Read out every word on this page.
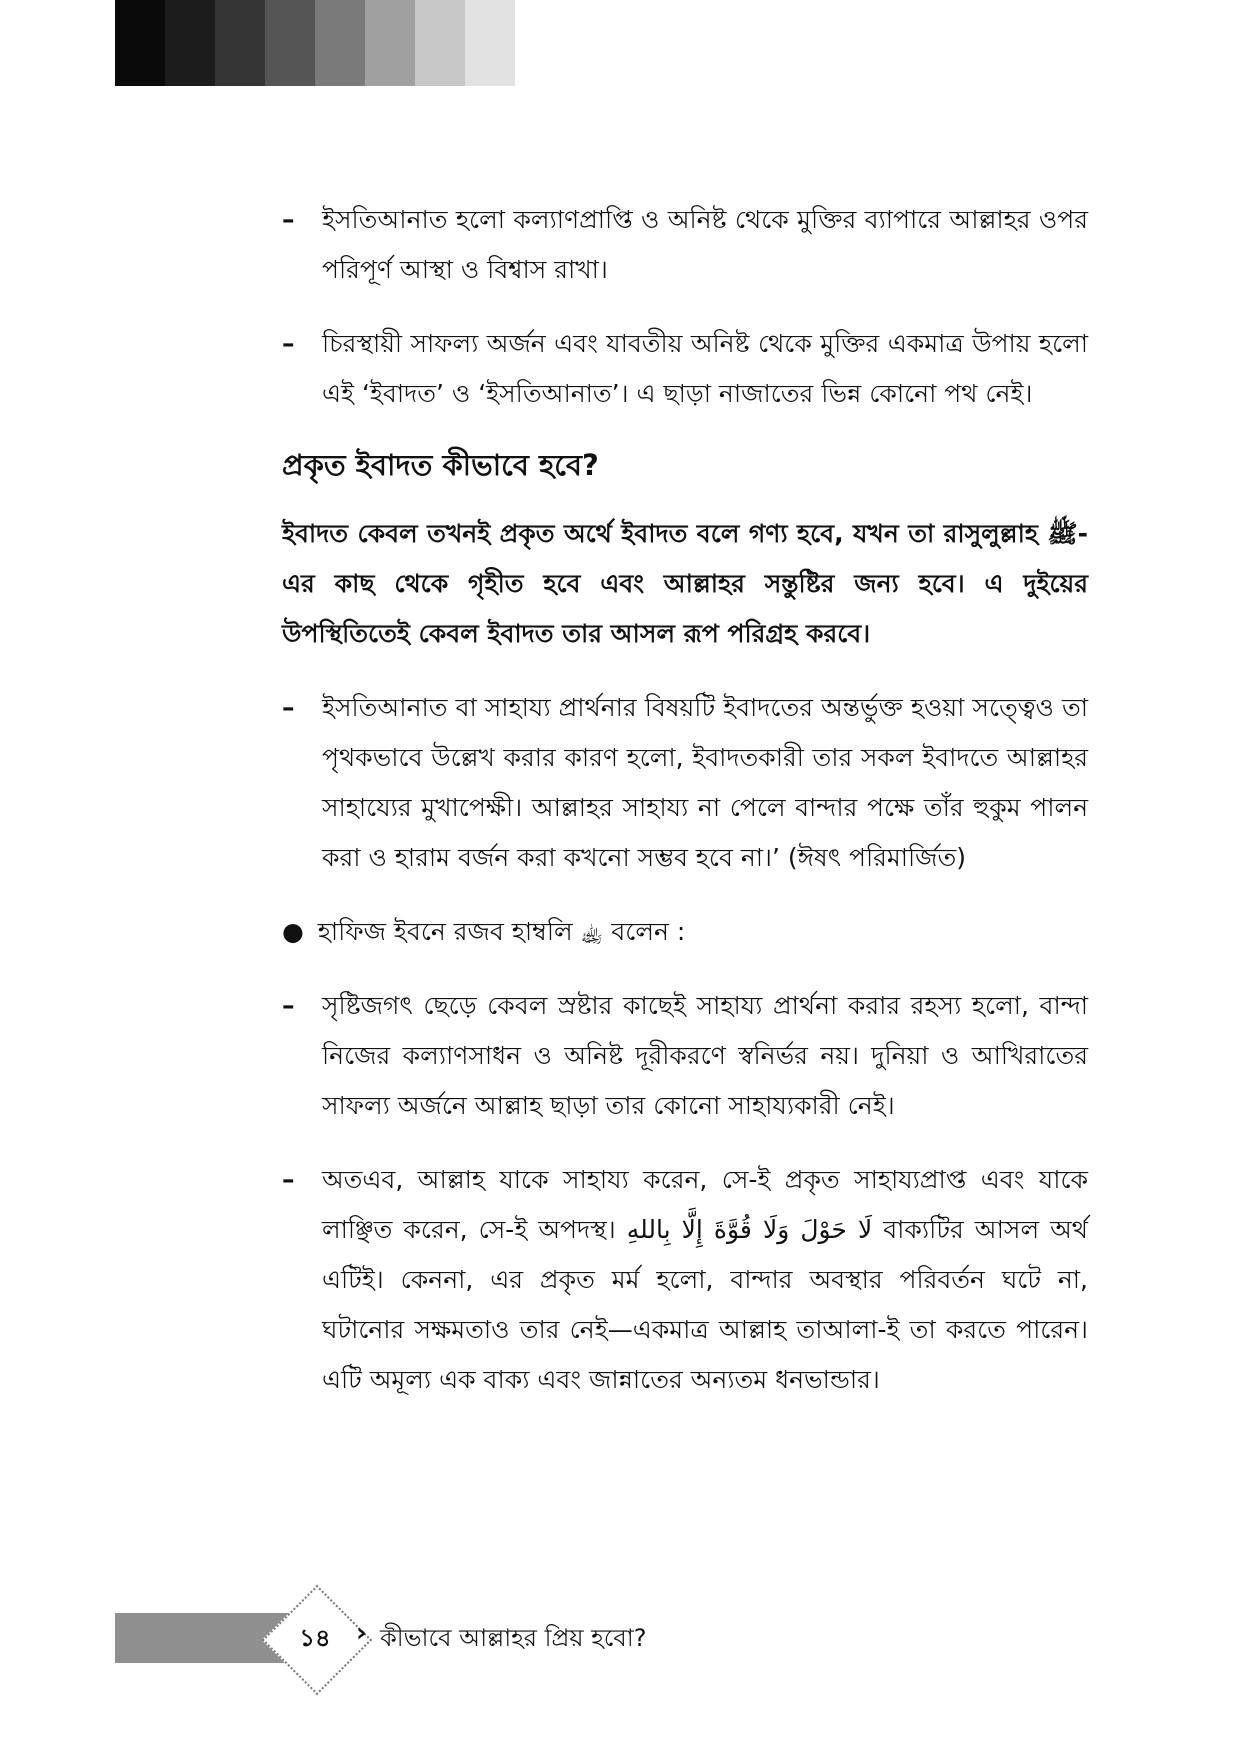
– ইসতিআনাত হলো কল্যাণপ্রাপ্তি ও অনিষ্ট থেকে মুক্তির ব্যাপারে আল্লাহর ওপর পরিপূর্ণ আস্থা ও বিশ্বাস রাখা।
– চিরস্থায়ী সাফল্য অর্জন এবং যাবতীয় অনিষ্ট থেকে মুক্তির একমাত্র উপায় হলো এই ‘ইবাদত’ ও ‘ইসতিআনাত’। এ ছাড়া নাজাতের ভিন্ন কোনো পথ নেই।
প্রকৃত ইবাদত কীভাবে হবে?

ইবাদত কেবল তখনই প্রকৃত অর্থে ইবাদত বলে গণ্য হবে, যখন তা রাসুলুল্লাহ ﷺ-এর কাছ থেকে গৃহীত হবে এবং আল্লাহর সন্তুষ্টির জন্য হবে। এ দুইয়ের উপস্থিতিতেই কেবল ইবাদত তার আসল রূপ পরিগ্রহ করবে।

– ইসতিআনাত বা সাহায্য প্রার্থনার বিষয়টি ইবাদতের অন্তর্ভুক্ত হওয়া সত্ত্বেও তা পৃথকভাবে উল্লেখ করার কারণ হলো, ইবাদতকারী তার সকল ইবাদতে আল্লাহর সাহায্যের মুখাপেক্ষী। আল্লাহর সাহায্য না পেলে বান্দার পক্ষে তাঁর হুকুম পালন করা ও হারাম বর্জন করা কখনো সম্ভব হবে না।’ (ঈষৎ পরিমার্জিত)
● হাফিজ ইবনে রজব হাম্বলি ﵀ বলেন :
– সৃষ্টিজগৎ ছেড়ে কেবল স্রষ্টার কাছেই সাহায্য প্রার্থনা করার রহস্য হলো, বান্দা নিজের কল্যাণসাধন ও অনিষ্ট দূরীকরণে স্বনির্ভর নয়। দুনিয়া ও আখিরাতের সাফল্য অর্জনে আল্লাহ ছাড়া তার কোনো সাহায্যকারী নেই।
– অতএব, আল্লাহ যাকে সাহায্য করেন, সে-ই প্রকৃত সাহায্যপ্রাপ্ত এবং যাকে লাঞ্ছিত করেন, সে-ই অপদস্থ। لَا حَوْلَ وَلَا قُوَّةَ إِلَّا بِاللهِ বাক্যটির আসল অর্থ এটিই। কেননা, এর প্রকৃত মর্ম হলো, বান্দার অবস্থার পরিবর্তন ঘটে না, ঘটানোর সক্ষমতাও তার নেই—একমাত্র আল্লাহ তাআলা-ই তা করতে পারেন। এটি অমূল্য এক বাক্য এবং জান্নাতের অন্যতম ধনভান্ডার।
১৪ › কীভাবে আল্লাহর প্রিয় হবো?
